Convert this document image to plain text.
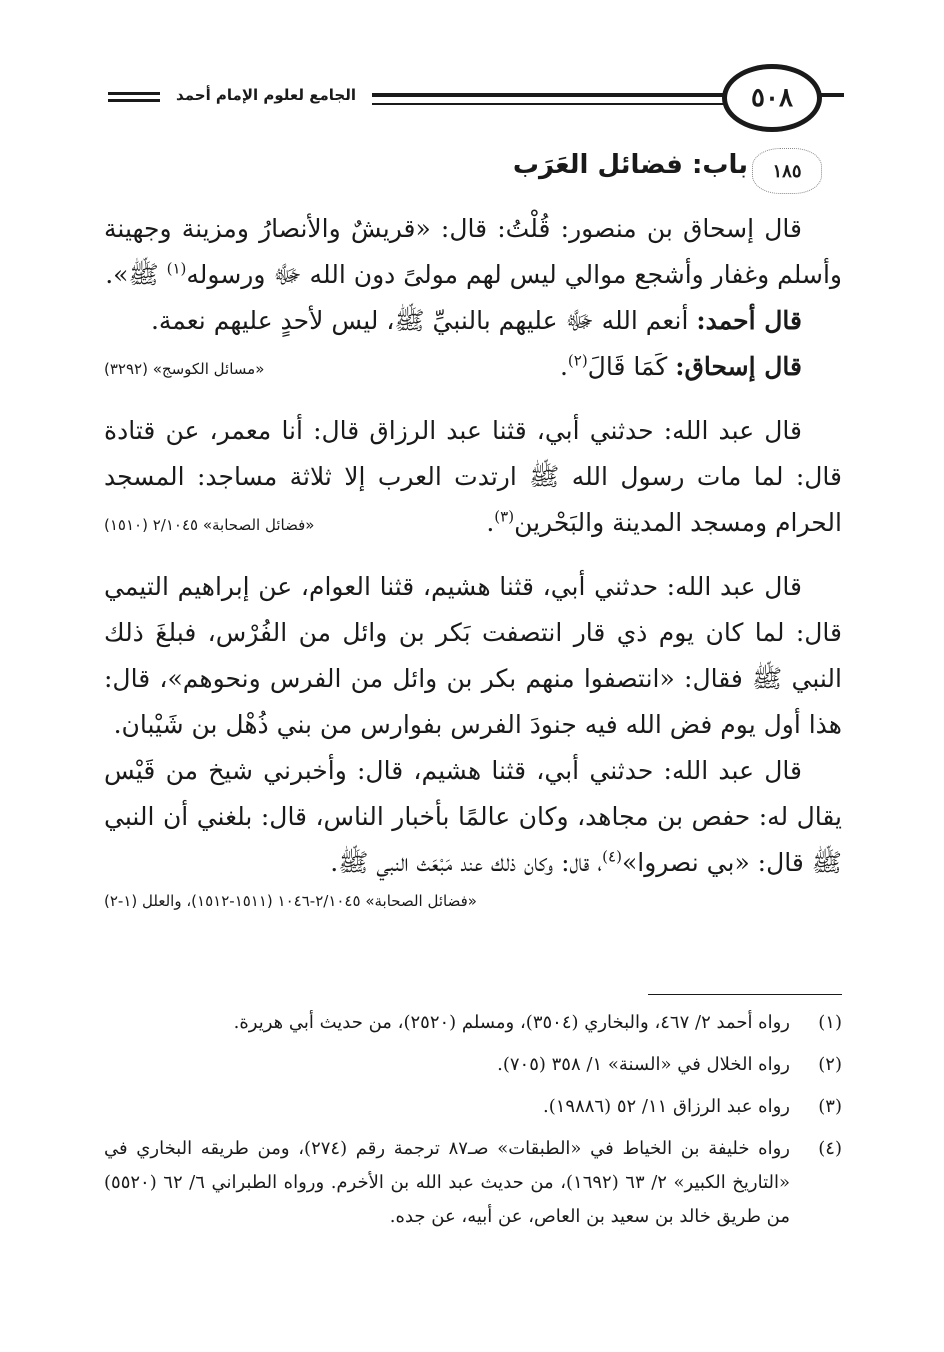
الجامع لعلوم الإمام أحمد	٥٠٨
١٨٥
باب: فضائل العَرَب

قال إسحاق بن منصور: قُلْتُ: قال: «قريشٌ والأنصارُ ومزينة وجهينة وأسلم وغفار وأشجع موالي ليس لهم مولىً دون الله ﷻ ورسوله$^{(١)}$ ﷺ».

قال أحمد: أنعم الله ﷻ عليهم بالنبيِّ ﷺ، ليس لأحدٍ عليهم نعمة.

«مسائل الكوسج» (٣٢٩٢)	قال إسحاق: كَمَا قَالَ$^{(٢)}$.

قال عبد الله: حدثني أبي، قثنا عبد الرزاق قال: أنا معمر، عن قتادة قال: لما مات رسول الله ﷺ ارتدت العرب إلا ثلاثة مساجد: المسجد الحرام ومسجد المدينة والبَحْرين$^{(٣)}$.
«فضائل الصحابة» ٢/١٠٤٥ (١٥١٠)

قال عبد الله: حدثني أبي، قثنا هشيم، قثنا العوام، عن إبراهيم التيمي قال: لما كان يوم ذي قار انتصفت بَكر بن وائل من الفُرْس، فبلغَ ذلك النبي ﷺ فقال: «انتصفوا منهم بكر بن وائل من الفرس ونحوهم»، قال: هذا أول يوم فض الله فيه جنودَ الفرس بفوارس من بني ذُهْل بن شَيْبان.

قال عبد الله: حدثني أبي، قثنا هشيم، قال: وأخبرني شيخ من قَيْس يقال له: حفص بن مجاهد، وكان عالمًا بأخبار الناس، قال: بلغني أن النبي ﷺ قال: «بي نصروا»$^{(٤)}$، قال: وكان ذلك عند مَبْعَث النبي ﷺ.

«فضائل الصحابة» ٢/١٠٤٥-١٠٤٦ (١٥١١-١٥١٢)، والعلل (١-٢)
(١)
رواه أحمد ٢/ ٤٦٧، والبخاري (٣٥٠٤)، ومسلم (٢٥٢٠)، من حديث أبي هريرة.
(٢)
رواه الخلال في «السنة» ١/ ٣٥٨ (٧٠٥).
(٣)
رواه عبد الرزاق ١١/ ٥٢ (١٩٨٨٦).
(٤)
رواه خليفة بن الخياط في «الطبقات» صـ٨٧ ترجمة رقم (٢٧٤)، ومن طريقه البخاري في «التاريخ الكبير» ٢/ ٦٣ (١٦٩٢)، من حديث عبد الله بن الأخرم. ورواه الطبراني ٦/ ٦٢ (٥٥٢٠) من طريق خالد بن سعيد بن العاص، عن أبيه، عن جده.
